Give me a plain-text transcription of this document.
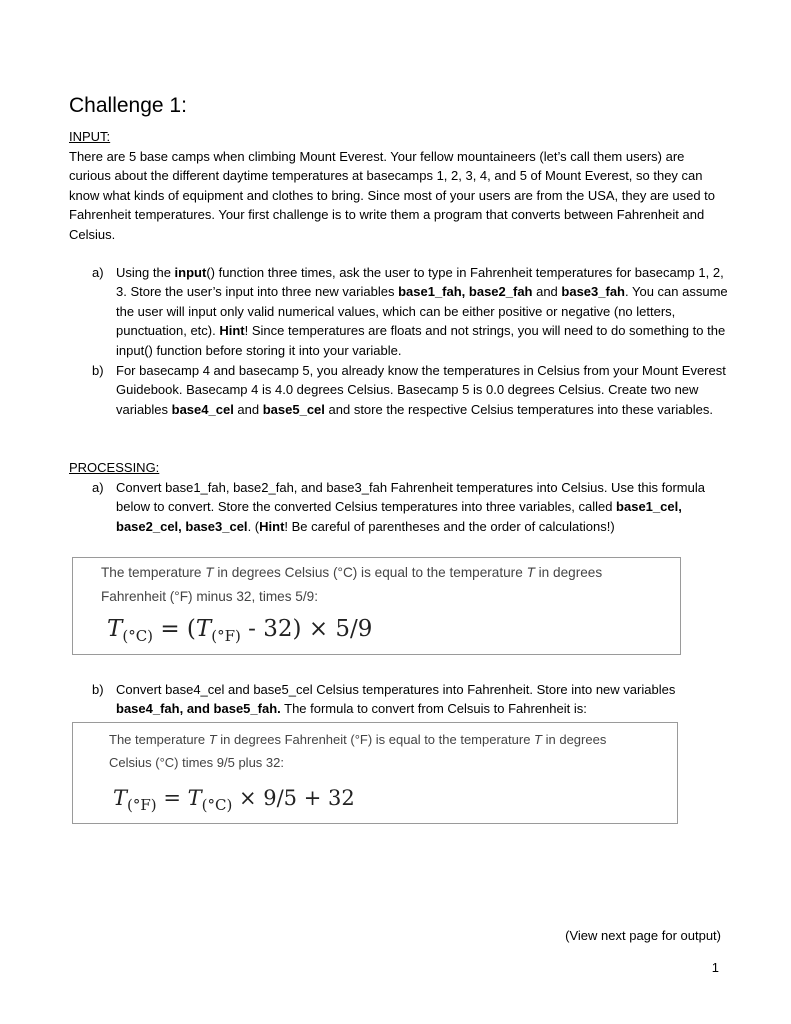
Challenge 1:
INPUT:
There are 5 base camps when climbing Mount Everest. Your fellow mountaineers (let’s call them users) are curious about the different daytime temperatures at basecamps 1, 2, 3, 4, and 5 of Mount Everest, so they can know what kinds of equipment and clothes to bring. Since most of your users are from the USA, they are used to Fahrenheit temperatures. Your first challenge is to write them a program that converts between Fahrenheit and Celsius.
a) Using the input() function three times, ask the user to type in Fahrenheit temperatures for basecamp 1, 2, 3. Store the user’s input into three new variables base1_fah, base2_fah and base3_fah. You can assume the user will input only valid numerical values, which can be either positive or negative (no letters, punctuation, etc). Hint! Since temperatures are floats and not strings, you will need to do something to the input() function before storing it into your variable.
b) For basecamp 4 and basecamp 5, you already know the temperatures in Celsius from your Mount Everest Guidebook. Basecamp 4 is 4.0 degrees Celsius. Basecamp 5 is 0.0 degrees Celsius. Create two new variables base4_cel and base5_cel and store the respective Celsius temperatures into these variables.
PROCESSING:
a) Convert base1_fah, base2_fah, and base3_fah Fahrenheit temperatures into Celsius. Use this formula below to convert. Store the converted Celsius temperatures into three variables, called base1_cel, base2_cel, base3_cel. (Hint! Be careful of parentheses and the order of calculations!)
The temperature T in degrees Celsius (°C) is equal to the temperature T in degrees
Fahrenheit (°F) minus 32, times 5/9:
$T_{(^\circ C)} = (T_{(^\circ F)} - 32) \times 5/9$
b) Convert base4_cel and base5_cel Celsius temperatures into Fahrenheit. Store into new variables base4_fah, and base5_fah. The formula to convert from Celsuis to Fahrenheit is:
The temperature T in degrees Fahrenheit (°F) is equal to the temperature T in degrees
Celsius (°C) times 9/5 plus 32:
$T_{(^\circ F)} = T_{(^\circ C)} \times 9/5 + 32$
(View next page for output)
1
